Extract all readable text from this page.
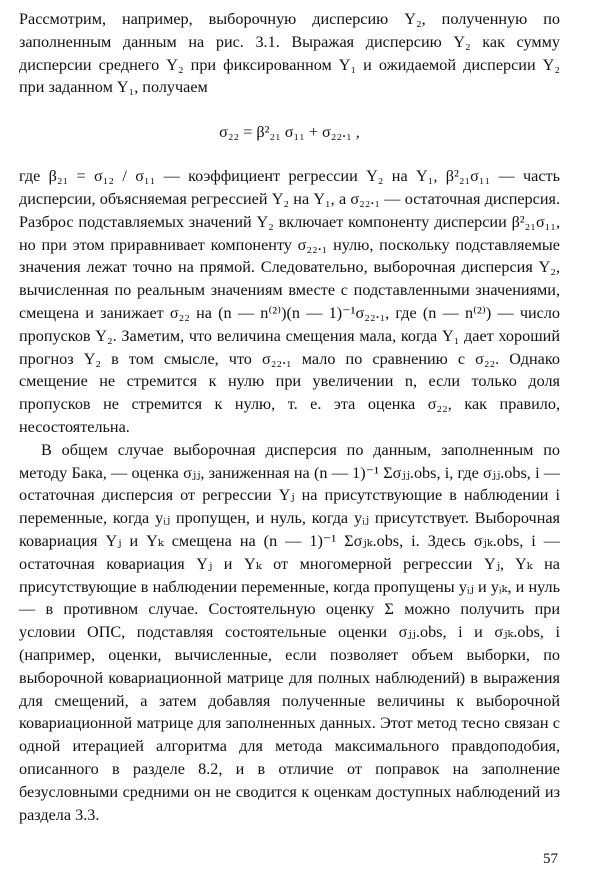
Рассмотрим, например, выборочную дисперсию Y₂, полученную по заполненным данным на рис. 3.1. Выражая дисперсию Y₂ как сумму дисперсии среднего Y₂ при фиксированном Y₁ и ожидаемой дисперсии Y₂ при заданном Y₁, получаем

σ₂₂ = β²₂₁ σ₁₁ + σ₂₂.₁ ,

где β₂₁ = σ₁₂ / σ₁₁ — коэффициент регрессии Y₂ на Y₁, β²₂₁σ₁₁ — часть дисперсии, объясняемая регрессией Y₂ на Y₁, а σ₂₂.₁ — остаточная дисперсия. Разброс подставляемых значений Y₂ включает компоненту дисперсии β²₂₁σ₁₁, но при этом приравнивает компоненту σ₂₂.₁ нулю, поскольку подставляемые значения лежат точно на прямой. Следовательно, выборочная дисперсия Y₂, вычисленная по реальным значениям вместе с подставленными значениями, смещена и занижает σ₂₂ на (n — n⁽²⁾)(n — 1)⁻¹σ₂₂.₁, где (n — n⁽²⁾) — число пропусков Y₂. Заметим, что величина смещения мала, когда Y₁ дает хороший прогноз Y₂ в том смысле, что σ₂₂.₁ мало по сравнению с σ₂₂. Однако смещение не стремится к нулю при увеличении n, если только доля пропусков не стремится к нулю, т. е. эта оценка σ₂₂, как правило, несостоятельна.

В общем случае выборочная дисперсия по данным, заполненным по методу Бака, — оценка σⱼⱼ, заниженная на (n — 1)⁻¹ Σσⱼⱼ.obs, i, где σⱼⱼ.obs, i — остаточная дисперсия от регрессии Yⱼ на присутствующие в наблюдении i переменные, когда yᵢⱼ пропущен, и нуль, когда yᵢⱼ присутствует. Выборочная ковариация Yⱼ и Yₖ смещена на (n — 1)⁻¹ Σσⱼₖ.obs, i. Здесь σⱼₖ.obs, i — остаточная ковариация Yⱼ и Yₖ от многомерной регрессии Yⱼ, Yₖ на присутствующие в наблюдении переменные, когда пропущены yᵢⱼ и yᵢₖ, и нуль — в противном случае. Состоятельную оценку Σ можно получить при условии ОПС, подставляя состоятельные оценки σⱼⱼ.obs, i и σⱼₖ.obs, i (например, оценки, вычисленные, если позволяет объем выборки, по выборочной ковариационной матрице для полных наблюдений) в выражения для смещений, а затем добавляя полученные величины к выборочной ковариационной матрице для заполненных данных. Этот метод тесно связан с одной итерацией алгоритма для метода максимального правдоподобия, описанного в разделе 8.2, и в отличие от поправок на заполнение безусловными средними он не сводится к оценкам доступных наблюдений из раздела 3.3.

57
